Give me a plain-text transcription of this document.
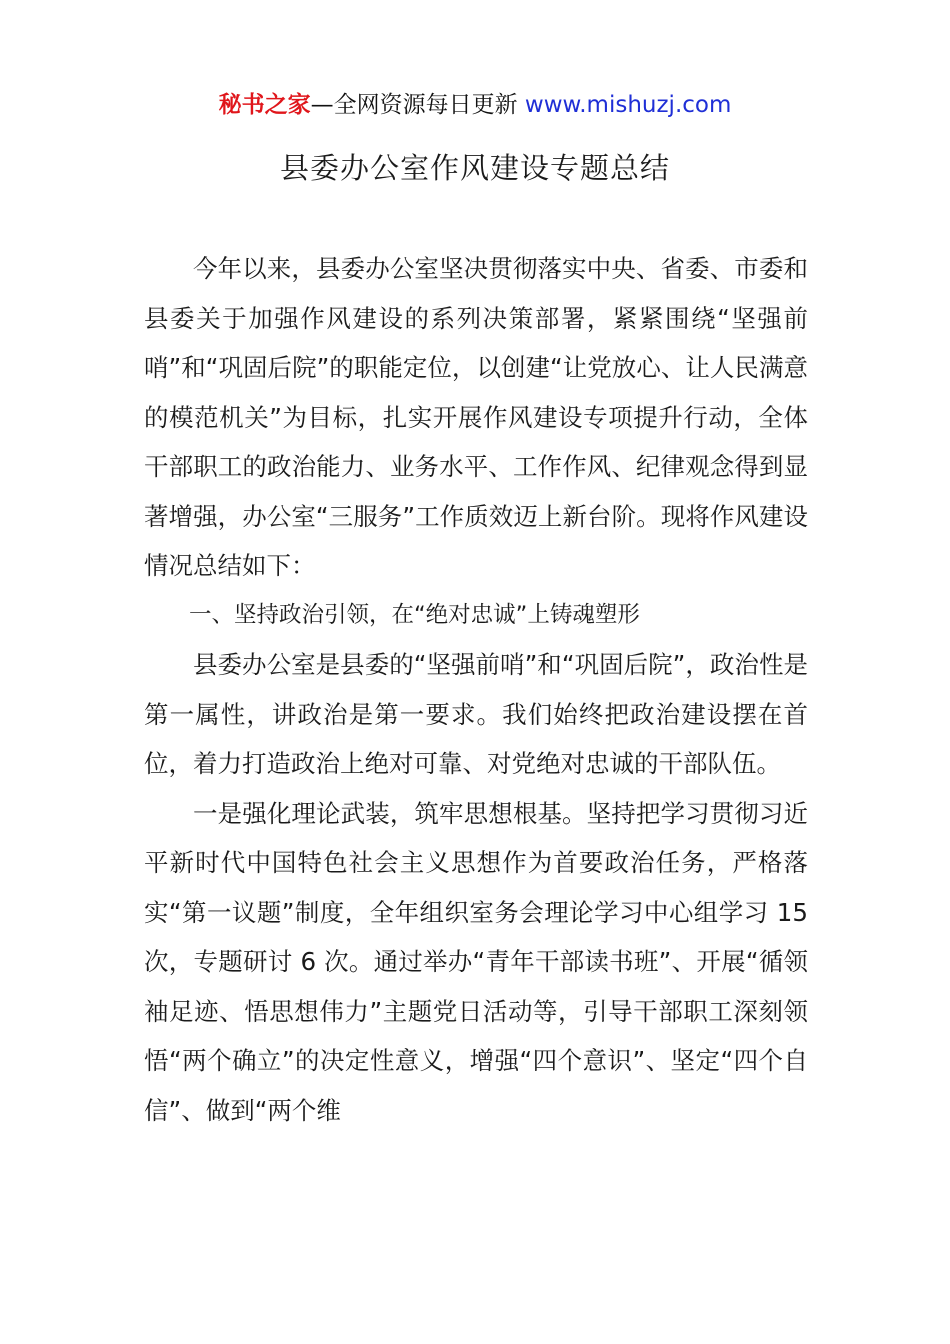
秘书之家—全网资源每日更新 www.mishuzj.com
县委办公室作风建设专题总结

今年以来，县委办公室坚决贯彻落实中央、省委、市委和县委关于加强作风建设的系列决策部署，紧紧围绕“坚强前哨”和“巩固后院”的职能定位，以创建“让党放心、让人民满意的模范机关”为目标，扎实开展作风建设专项提升行动，全体干部职工的政治能力、业务水平、工作作风、纪律观念得到显著增强，办公室“三服务”工作质效迈上新台阶。现将作风建设情况总结如下：

一、坚持政治引领，在“绝对忠诚”上铸魂塑形

县委办公室是县委的“坚强前哨”和“巩固后院”，政治性是第一属性，讲政治是第一要求。我们始终把政治建设摆在首位，着力打造政治上绝对可靠、对党绝对忠诚的干部队伍。

一是强化理论武装，筑牢思想根基。坚持把学习贯彻习近平新时代中国特色社会主义思想作为首要政治任务，严格落实“第一议题”制度，全年组织室务会理论学习中心组学习 15 次，专题研讨 6 次。通过举办“青年干部读书班”、开展“循领袖足迹、悟思想伟力”主题党日活动等，引导干部职工深刻领悟“两个确立”的决定性意义，增强“四个意识”、坚定“四个自信”、做到“两个维
